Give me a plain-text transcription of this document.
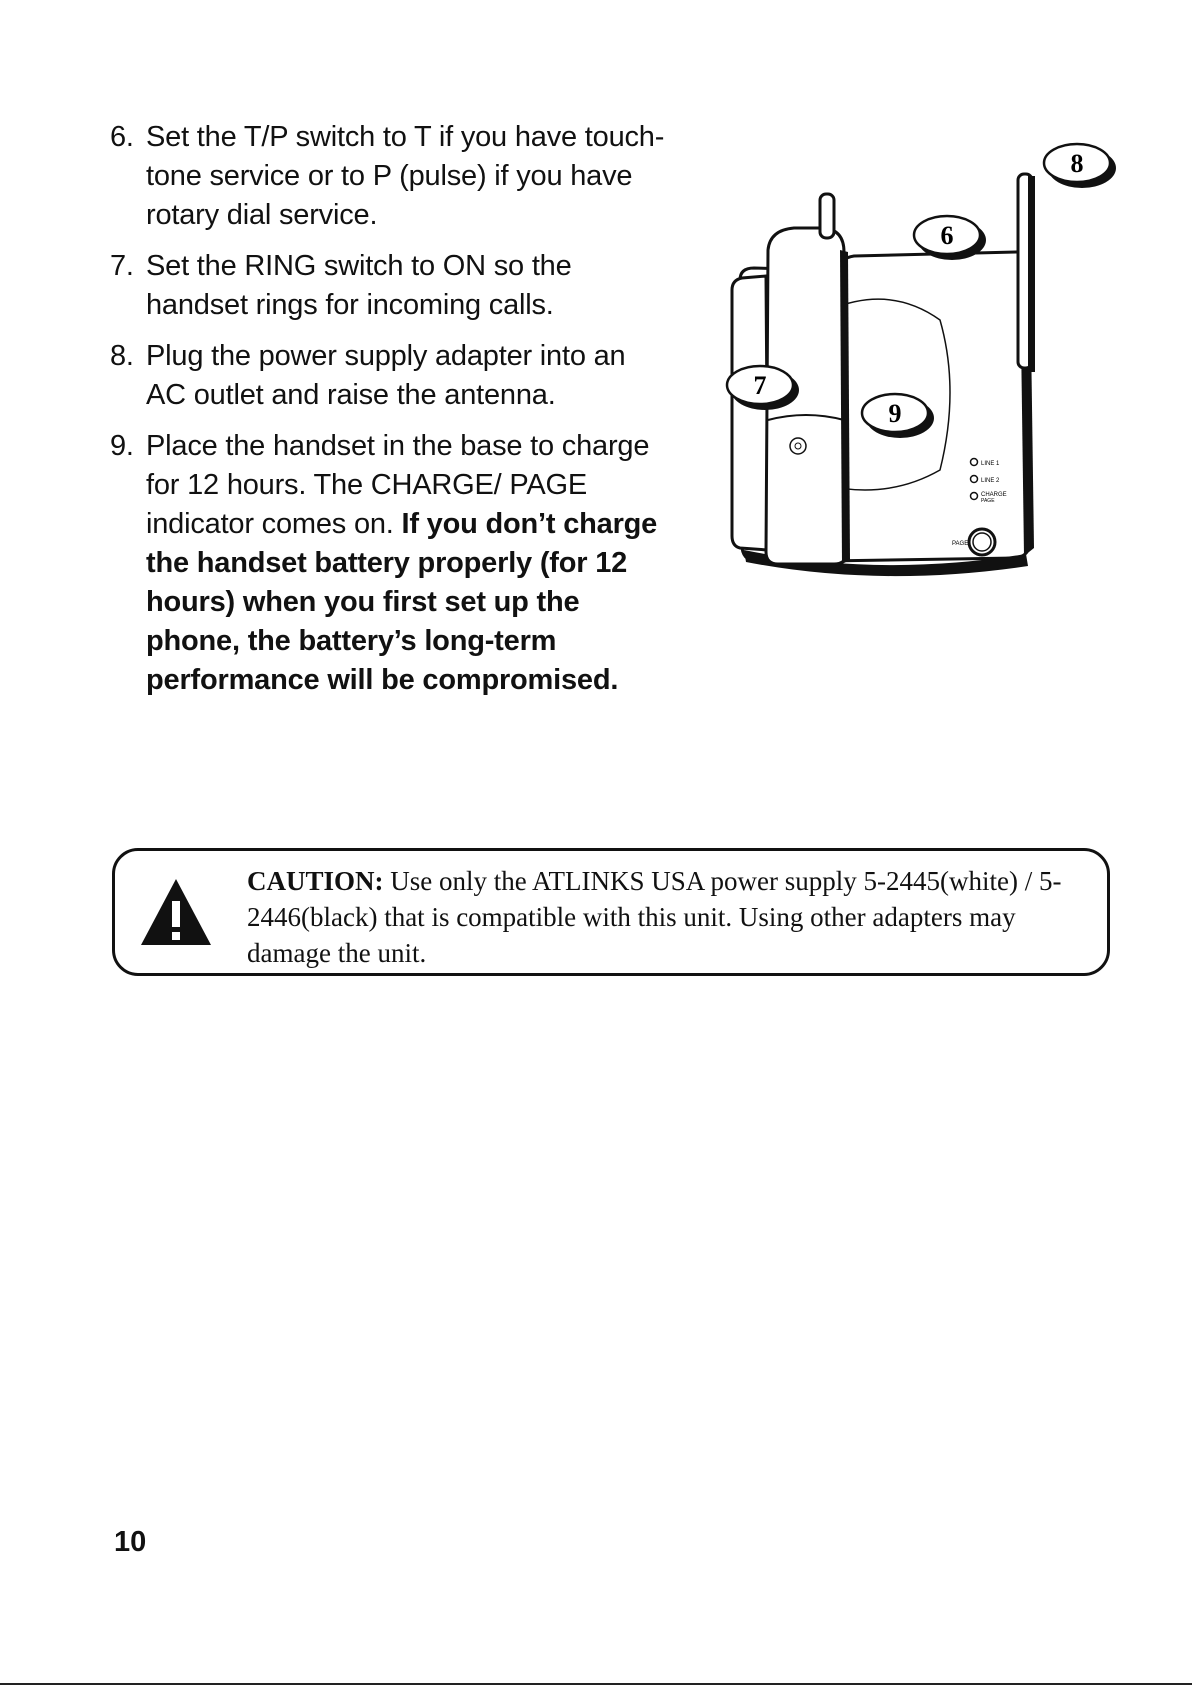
6. Set the T/P switch to T if you have touch-tone service or to P (pulse) if you have rotary dial service.
7. Set the RING switch to ON so the handset rings for incoming calls.
8. Plug the power supply adapter into an AC outlet and raise the antenna.
9. Place the handset in the base to charge for 12 hours. The CHARGE/ PAGE indicator comes on. If you don’t charge the handset battery properly (for 12 hours) when you first set up the phone, the battery’s long-term performance will be compromised.
LINE 1
LINE 2
CHARGE
PAGE
PAGE
8
6
7
9
CAUTION: Use only the ATLINKS USA power supply 5-2445(white) / 5-2446(black) that is compatible with this unit. Using other adapters may damage the unit.
10
